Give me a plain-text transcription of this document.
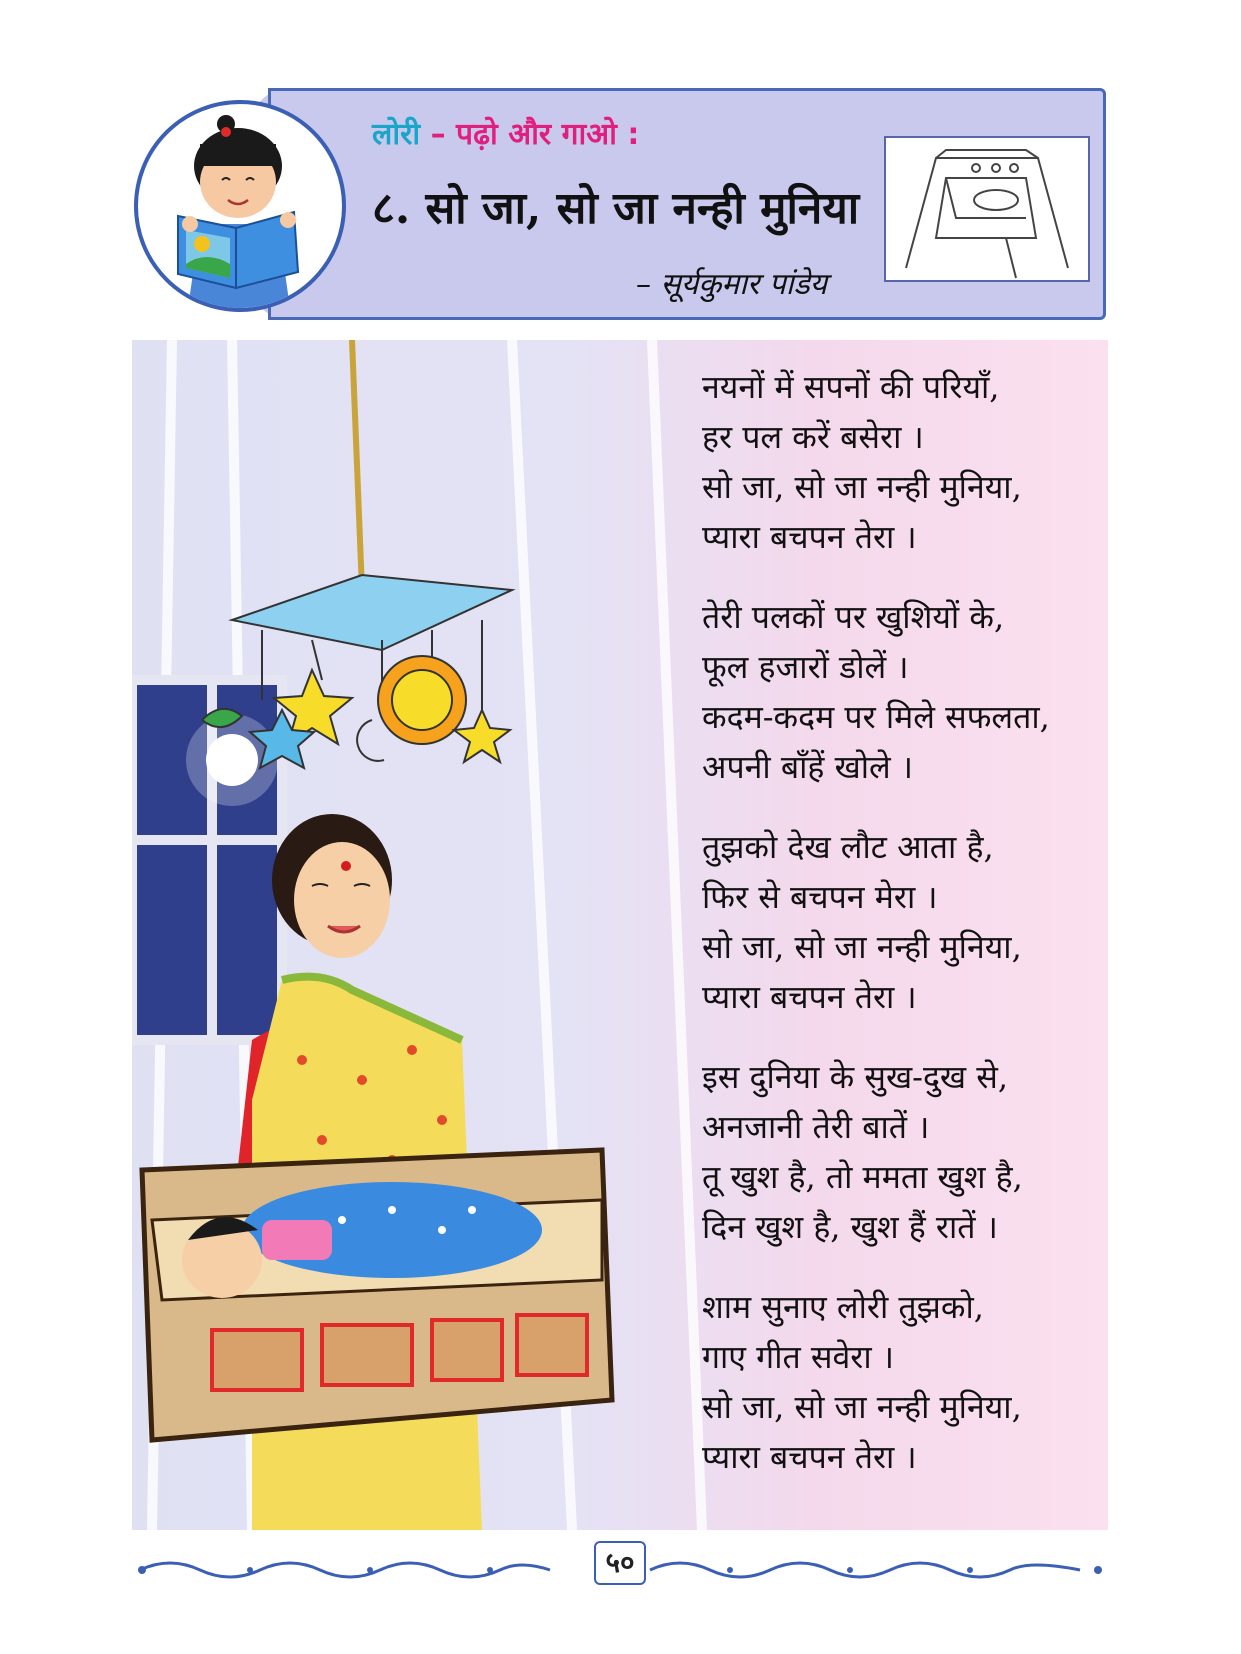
लोरी – पढ़ो और गाओ :
८. सो जा, सो जा नन्ही मुनिया
– सूर्यकुमार पांडेय
नयनों में सपनों की परियाँ,
हर पल करें बसेरा ।
सो जा, सो जा नन्ही मुनिया,
प्यारा बचपन तेरा ।
तेरी पलकों पर खुशियों के,
फूल हजारों डोलें ।
कदम-कदम पर मिले सफलता,
अपनी बाँहें खोले ।
तुझको देख लौट आता है,
फिर से बचपन मेरा ।
सो जा, सो जा नन्ही मुनिया,
प्यारा बचपन तेरा ।
इस दुनिया के सुख-दुख से,
अनजानी तेरी बातें ।
तू खुश है, तो ममता खुश है,
दिन खुश है, खुश हैं रातें ।
शाम सुनाए लोरी तुझको,
गाए गीत सवेरा ।
सो जा, सो जा नन्ही मुनिया,
प्यारा बचपन तेरा ।
५०
